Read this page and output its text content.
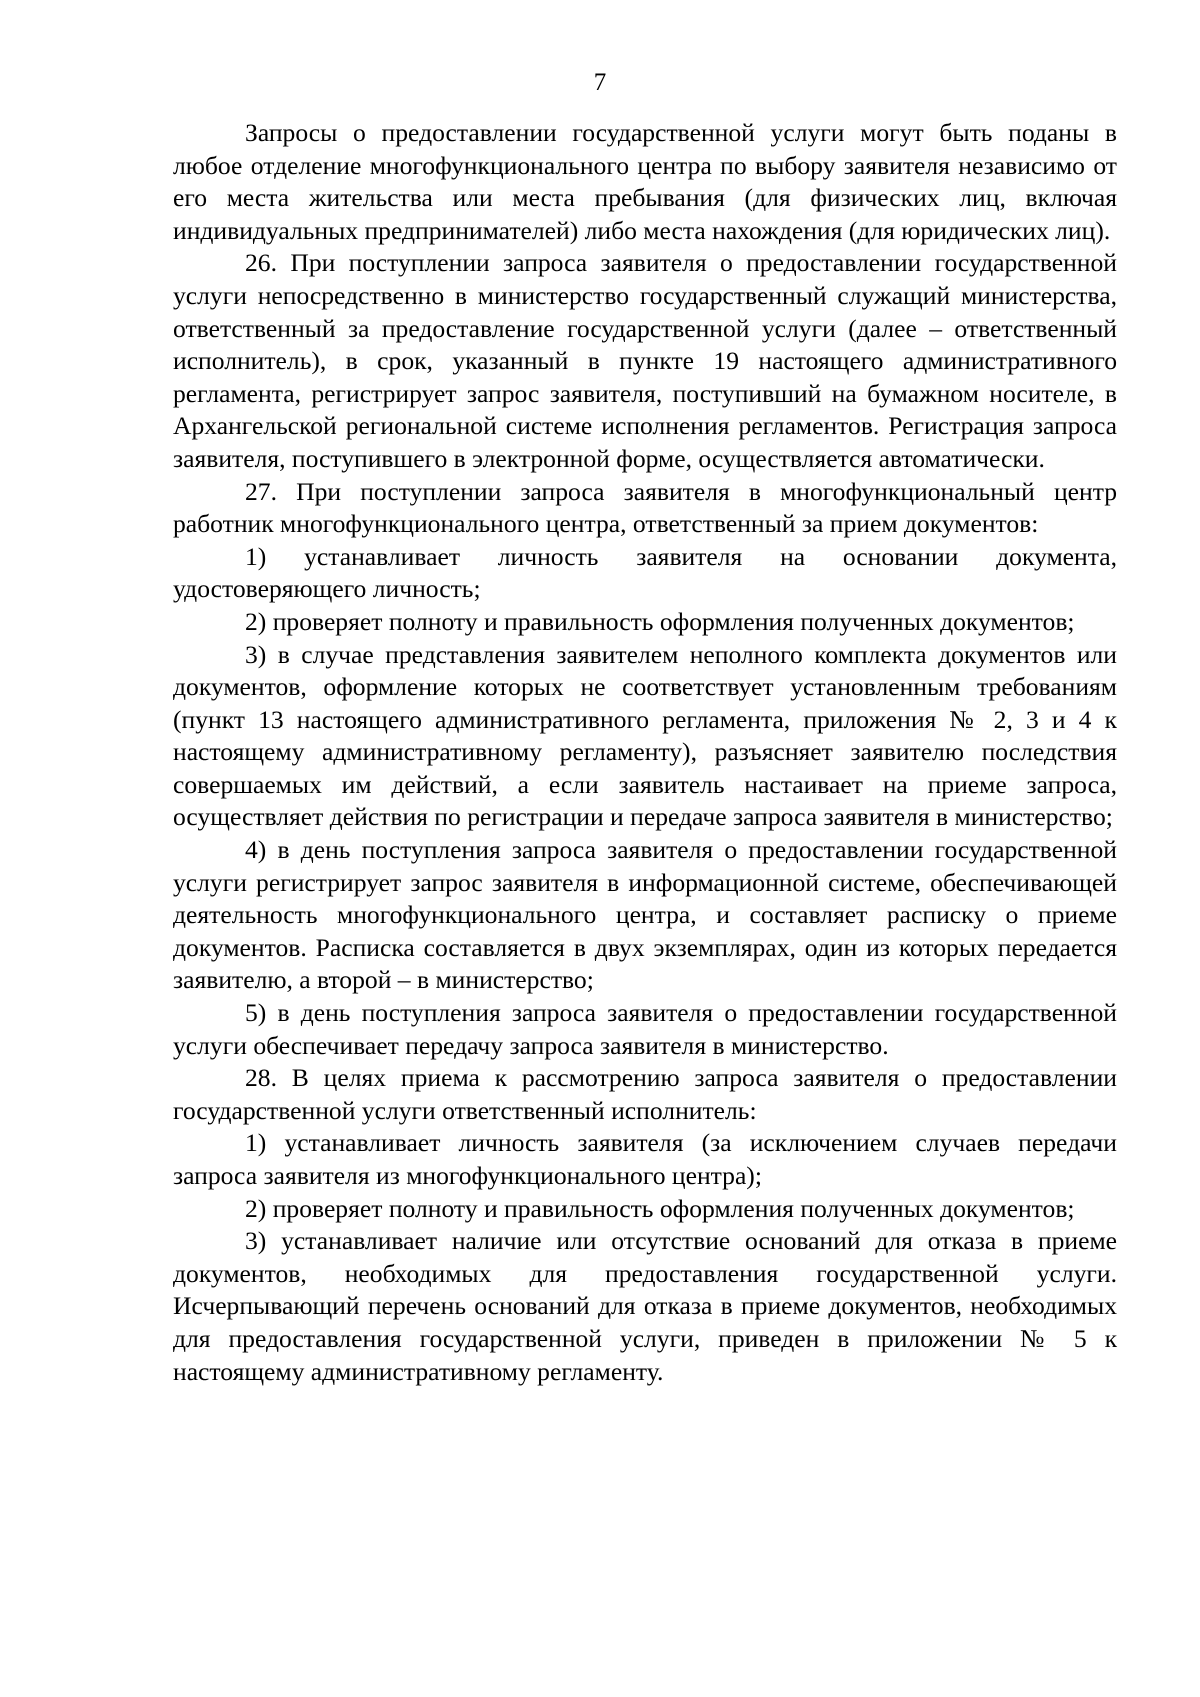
7

Запросы о предоставлении государственной услуги могут быть поданы в любое отделение многофункционального центра по выбору заявителя независимо от его места жительства или места пребывания (для физических лиц, включая индивидуальных предпринимателей) либо места нахождения (для юридических лиц).

26. При поступлении запроса заявителя о предоставлении государственной услуги непосредственно в министерство государственный служащий министерства, ответственный за предоставление государственной услуги (далее – ответственный исполнитель), в срок, указанный в пункте 19 настоящего административного регламента, регистрирует запрос заявителя, поступивший на бумажном носителе, в Архангельской региональной системе исполнения регламентов. Регистрация запроса заявителя, поступившего в электронной форме, осуществляется автоматически.

27. При поступлении запроса заявителя в многофункциональный центр работник многофункционального центра, ответственный за прием документов:

1) устанавливает личность заявителя на основании документа, удостоверяющего личность;

2) проверяет полноту и правильность оформления полученных документов;

3) в случае представления заявителем неполного комплекта документов или документов, оформление которых не соответствует установленным требованиям (пункт 13 настоящего административного регламента, приложения № 2, 3 и 4 к настоящему административному регламенту), разъясняет заявителю последствия совершаемых им действий, а если заявитель настаивает на приеме запроса, осуществляет действия по регистрации и передаче запроса заявителя в министерство;

4) в день поступления запроса заявителя о предоставлении государственной услуги регистрирует запрос заявителя в информационной системе, обеспечивающей деятельность многофункционального центра, и составляет расписку о приеме документов. Расписка составляется в двух экземплярах, один из которых передается заявителю, а второй – в министерство;

5) в день поступления запроса заявителя о предоставлении государственной услуги обеспечивает передачу запроса заявителя в министерство.

28. В целях приема к рассмотрению запроса заявителя о предоставлении государственной услуги ответственный исполнитель:

1) устанавливает личность заявителя (за исключением случаев передачи запроса заявителя из многофункционального центра);

2) проверяет полноту и правильность оформления полученных документов;

3) устанавливает наличие или отсутствие оснований для отказа в приеме документов, необходимых для предоставления государственной услуги. Исчерпывающий перечень оснований для отказа в приеме документов, необходимых для предоставления государственной услуги, приведен в приложении № 5 к настоящему административному регламенту.
